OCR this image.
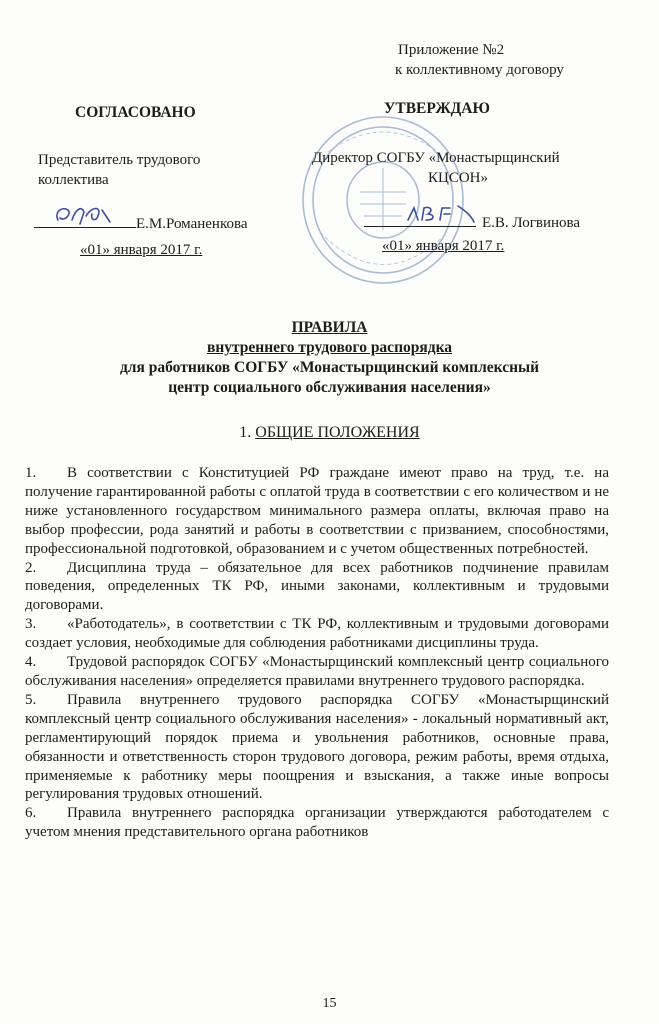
Приложение №2
к коллективному договору
СОГЛАСОВАНО	УТВЕРЖДАЮ
Представитель трудового
коллектива
Директор СОГБУ «Монастырщинский
КЦСОН»
Е.М.Романенкова	Е.В. Логвинова
«01» января 2017 г.	«01» января 2017 г.
ПРАВИЛА
внутреннего трудового распорядка
для работников СОГБУ «Монастырщинский комплексный
центр социального обслуживания населения»
1. ОБЩИЕ ПОЛОЖЕНИЯ

1. В соответствии с Конституцией РФ граждане имеют право на труд, т.е. на получение гарантированной работы с оплатой труда в соответствии с его количеством и не ниже установленного государством минимального размера оплаты, включая право на выбор профессии, рода занятий и работы в соответствии с призванием, способностями, профессиональной подготовкой, образованием и с учетом общественных потребностей.

2. Дисциплина труда – обязательное для всех работников подчинение правилам поведения, определенных ТК РФ, иными законами, коллективным и трудовыми договорами.

3. «Работодатель», в соответствии с ТК РФ, коллективным и трудовыми договорами создает условия, необходимые для соблюдения работниками дисциплины труда.

4. Трудовой распорядок СОГБУ «Монастырщинский комплексный центр социального обслуживания населения» определяется правилами внутреннего трудового распорядка.

5. Правила внутреннего трудового распорядка СОГБУ «Монастырщинский комплексный центр социального обслуживания населения» - локальный нормативный акт, регламентирующий порядок приема и увольнения работников, основные права, обязанности и ответственность сторон трудового договора, режим работы, время отдыха, применяемые к работнику меры поощрения и взыскания, а также иные вопросы регулирования трудовых отношений.

6. Правила внутреннего распорядка организации утверждаются работодателем с учетом мнения представительного органа работников

15
